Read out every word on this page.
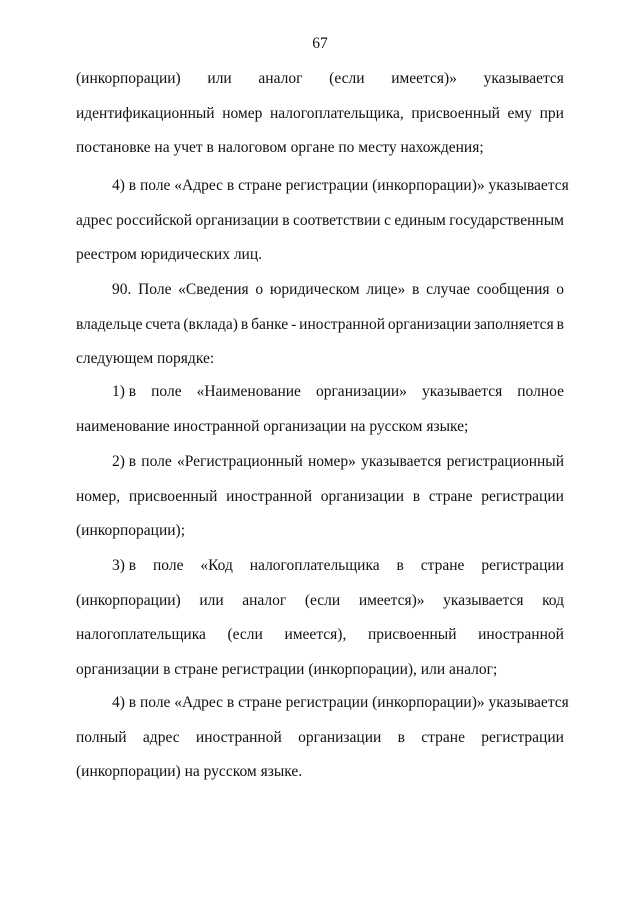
67
(инкорпорации) или аналог (если имеется)» указывается
идентификационный номер налогоплательщика, присвоенный ему при
постановке на учет в налоговом органе по месту нахождения;
4) в поле «Адрес в стране регистрации (инкорпорации)» указывается
адрес российской организации в соответствии с единым государственным
реестром юридических лиц.
90. Поле «Сведения о юридическом лице» в случае сообщения о
владельце счета (вклада) в банке - иностранной организации заполняется в
следующем порядке:
1) в поле «Наименование организации» указывается полное
наименование иностранной организации на русском языке;
2) в поле «Регистрационный номер» указывается регистрационный
номер, присвоенный иностранной организации в стране регистрации
(инкорпорации);
3) в поле «Код налогоплательщика в стране регистрации
(инкорпорации) или аналог (если имеется)» указывается код
налогоплательщика (если имеется), присвоенный иностранной
организации в стране регистрации (инкорпорации), или аналог;
4) в поле «Адрес в стране регистрации (инкорпорации)» указывается
полный адрес иностранной организации в стране регистрации
(инкорпорации) на русском языке.
